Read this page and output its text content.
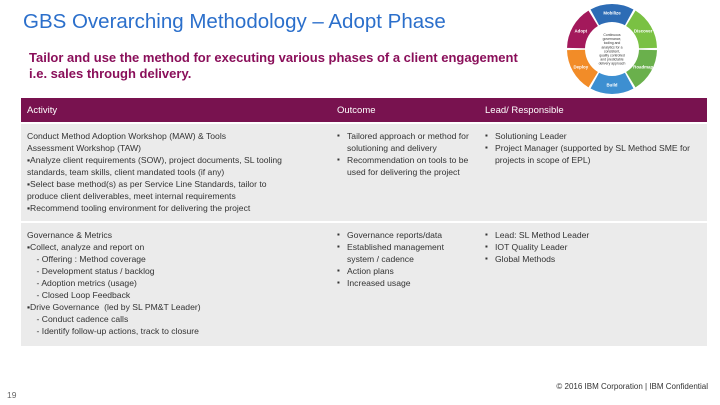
GBS Overarching Methodology – Adopt Phase
Tailor and use the method for executing various phases of a client engagement i.e. sales through delivery.
Mobilize
Discover
Roadmap
Build
Deploy
Adopt
Continuous governance, tooling and analytics for a consistent, quality controlled and predictable delivery approach
Activity	Outcome	Lead/ Responsible
Conduct Method Adoption Workshop (MAW) & Tools
Assessment Workshop (TAW)
▪Analyze client requirements (SOW), project documents, SL tooling
standards, team skills, client mandated tools (if any)
▪Select base method(s) as per Service Line Standards, tailor to
produce client deliverables, meet internal requirements
▪Recommend tooling environment for delivering the project
▪ Tailored approach or method for solutioning and delivery
▪ Recommendation on tools to be used for delivering the project
▪ Solutioning Leader
▪ Project Manager (supported by SL Method SME for projects in scope of EPL)
Governance & Metrics
▪Collect, analyze and report on
- Offering : Method coverage
- Development status / backlog
- Adoption metrics (usage)
- Closed Loop Feedback
▪Drive Governance  (led by SL PM&T Leader)
- Conduct cadence calls
- Identify follow-up actions, track to closure
▪ Governance reports/data
▪ Established management system / cadence
▪ Action plans
▪ Increased usage
▪ Lead: SL Method Leader
▪ IOT Quality Leader
▪ Global Methods
19
© 2016 IBM Corporation | IBM Confidential
